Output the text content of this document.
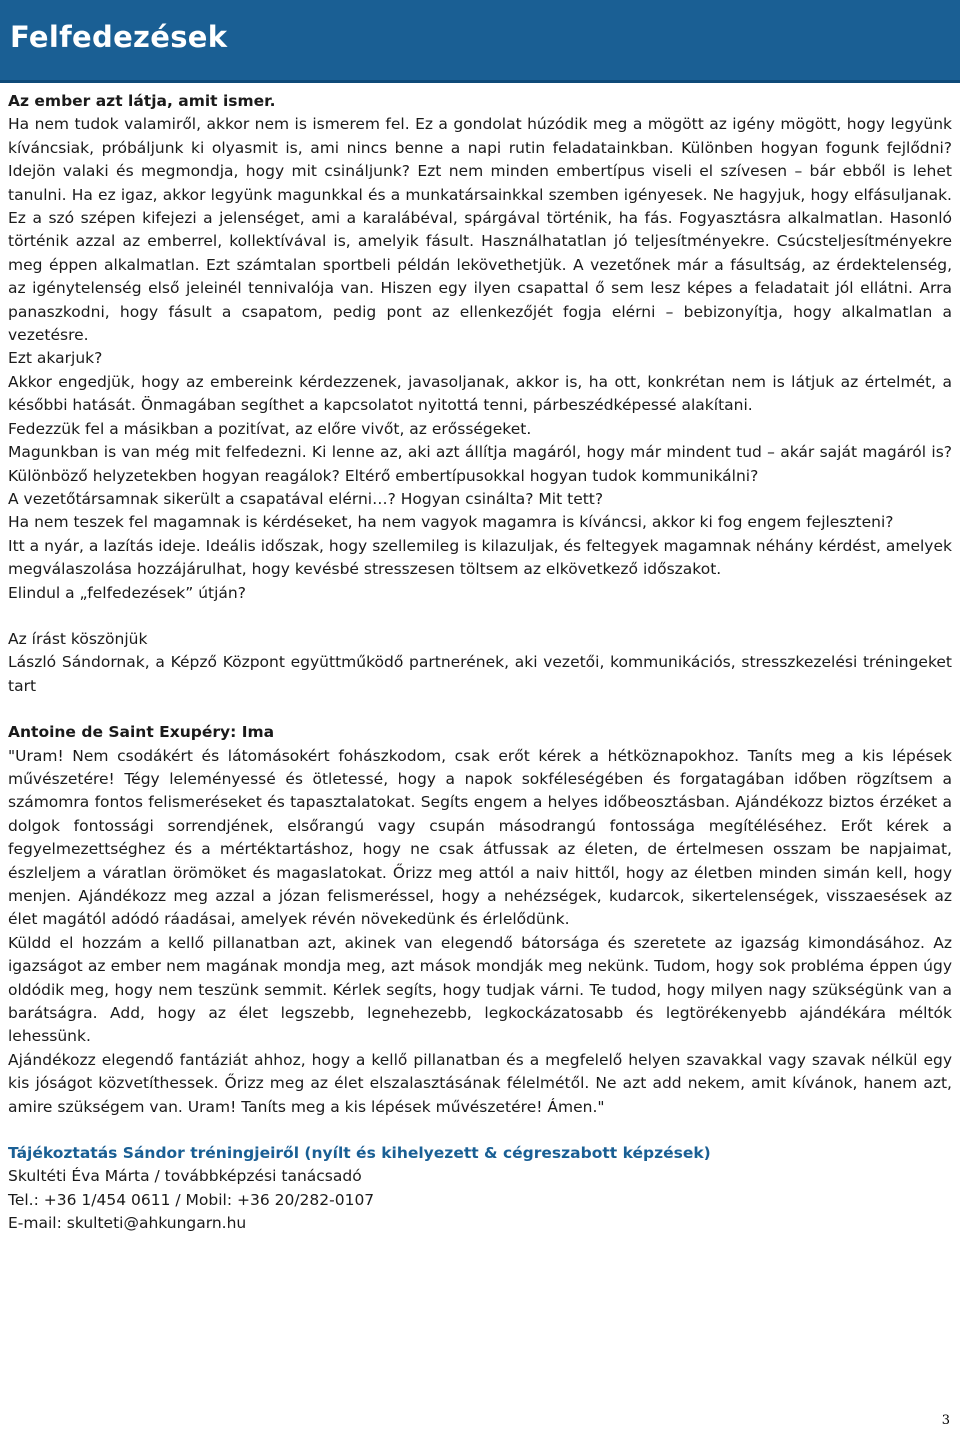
Felfedezések

Az ember azt látja, amit ismer.

Ha nem tudok valamiről, akkor nem is ismerem fel. Ez a gondolat húzódik meg a mögött az igény mögött, hogy legyünk kíváncsiak, próbáljunk ki olyasmit is, ami nincs benne a napi rutin feladatainkban. Különben hogyan fogunk fejlődni? Idejön valaki és megmondja, hogy mit csináljunk? Ezt nem minden embertípus viseli el szívesen – bár ebből is lehet tanulni. Ha ez igaz, akkor legyünk magunkkal és a munkatársainkkal szemben igényesek. Ne hagyjuk, hogy elfásuljanak. Ez a szó szépen kifejezi a jelenséget, ami a karalábéval, spárgával történik, ha fás. Fogyasztásra alkalmatlan. Hasonló történik azzal az emberrel, kollektívával is, amelyik fásult. Használhatatlan jó teljesítményekre. Csúcsteljesítményekre meg éppen alkalmatlan. Ezt számtalan sportbeli példán lekövethetjük. A vezetőnek már a fásultság, az érdektelenség, az igénytelenség első jeleinél tennivalója van. Hiszen egy ilyen csapattal ő sem lesz képes a feladatait jól ellátni. Arra panaszkodni, hogy fásult a csapatom, pedig pont az ellenkezőjét fogja elérni – bebizonyítja, hogy alkalmatlan a vezetésre.

Ezt akarjuk?

Akkor engedjük, hogy az embereink kérdezzenek, javasoljanak, akkor is, ha ott, konkrétan nem is látjuk az értelmét, a későbbi hatását. Önmagában segíthet a kapcsolatot nyitottá tenni, párbeszédképessé alakítani.

Fedezzük fel a másikban a pozitívat, az előre vivőt, az erősségeket.

Magunkban is van még mit felfedezni. Ki lenne az, aki azt állítja magáról, hogy már mindent tud – akár saját magáról is? Különböző helyzetekben hogyan reagálok? Eltérő embertípusokkal hogyan tudok kommunikálni?

A vezetőtársamnak sikerült a csapatával elérni…? Hogyan csinálta? Mit tett?

Ha nem teszek fel magamnak is kérdéseket, ha nem vagyok magamra is kíváncsi, akkor ki fog engem fejleszteni?

Itt a nyár, a lazítás ideje. Ideális időszak, hogy szellemileg is kilazuljak, és feltegyek magamnak néhány kérdést, amelyek megválaszolása hozzájárulhat, hogy kevésbé stresszesen töltsem az elkövetkező időszakot.

Elindul a „felfedezések” útján?

Az írást köszönjük

László Sándornak, a Képző Központ együttműködő partnerének, aki vezetői, kommunikációs, stresszkezelési tréningeket tart

Antoine de Saint Exupéry: Ima

"Uram! Nem csodákért és látomásokért fohászkodom, csak erőt kérek a hétköznapokhoz. Taníts meg a kis lépések művészetére! Tégy leleményessé és ötletessé, hogy a napok sokféleségében és forgatagában időben rögzítsem a számomra fontos felismeréseket és tapasztalatokat. Segíts engem a helyes időbeosztásban. Ajándékozz biztos érzéket a dolgok fontossági sorrendjének, elsőrangú vagy csupán másodrangú fontossága megítéléséhez. Erőt kérek a fegyelmezettséghez és a mértéktartáshoz, hogy ne csak átfussak az életen, de értelmesen osszam be napjaimat, észleljem a váratlan örömöket és magaslatokat. Őrizz meg attól a naiv hittől, hogy az életben minden simán kell, hogy menjen. Ajándékozz meg azzal a józan felismeréssel, hogy a nehézségek, kudarcok, sikertelenségek, visszaesések az élet magától adódó ráadásai, amelyek révén növekedünk és érlelődünk.

Küldd el hozzám a kellő pillanatban azt, akinek van elegendő bátorsága és szeretete az igazság kimondásához. Az igazságot az ember nem magának mondja meg, azt mások mondják meg nekünk. Tudom, hogy sok probléma éppen úgy oldódik meg, hogy nem teszünk semmit. Kérlek segíts, hogy tudjak várni. Te tudod, hogy milyen nagy szükségünk van a barátságra. Add, hogy az élet legszebb, legnehezebb, legkockázatosabb és legtörékenyebb ajándékára méltók lehessünk.

Ajándékozz elegendő fantáziát ahhoz, hogy a kellő pillanatban és a megfelelő helyen szavakkal vagy szavak nélkül egy kis jóságot közvetíthessek. Őrizz meg az élet elszalasztásának félelmétől. Ne azt add nekem, amit kívánok, hanem azt, amire szükségem van. Uram! Taníts meg a kis lépések művészetére! Ámen."

Tájékoztatás Sándor tréningjeiről (nyílt és kihelyezett & cégreszabott képzések)

Skultéti Éva Márta / továbbképzési tanácsadó

Tel.: +36 1/454 0611 / Mobil: +36 20/282-0107

E-mail: skulteti@ahkungarn.hu

3
